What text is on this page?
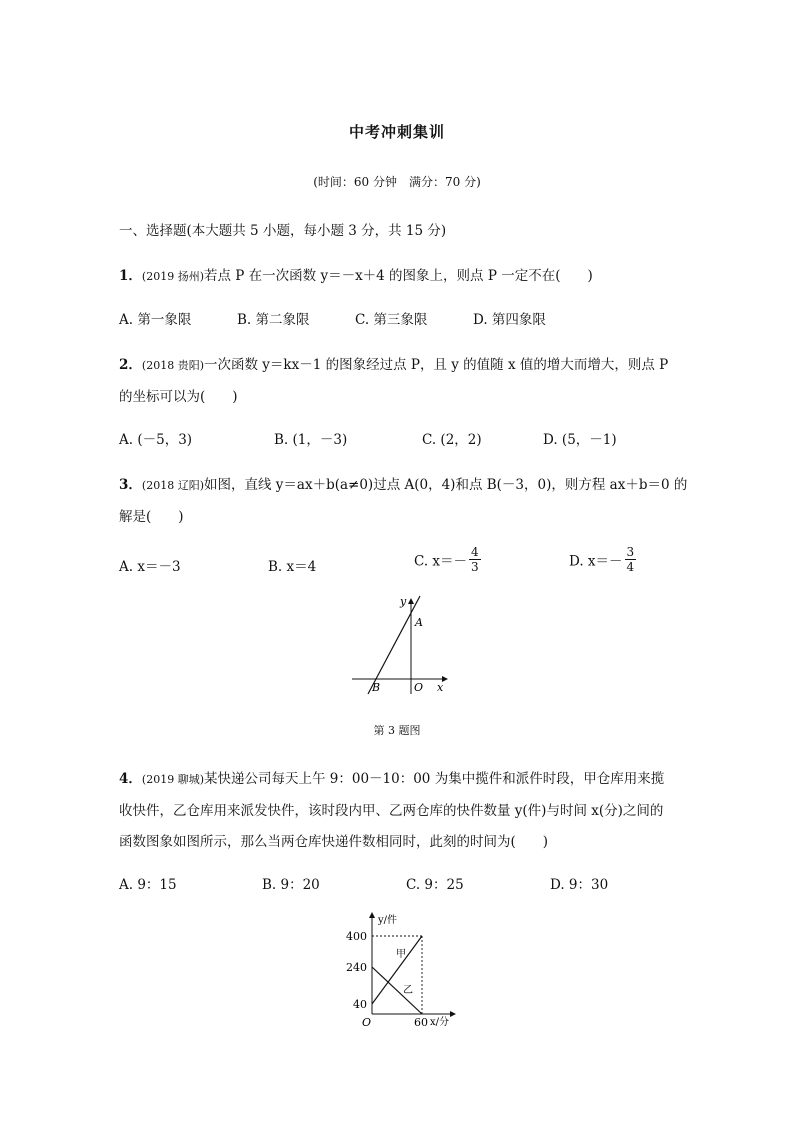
中考冲刺集训
(时间：60 分钟　满分：70 分)
一、选择题(本大题共 5 小题，每小题 3 分，共 15 分)
1．(2019 扬州)若点 P 在一次函数 y＝－x＋4 的图象上，则点 P 一定不在(　　)
A. 第一象限	B. 第二象限	C. 第三象限	D. 第四象限
2．(2018 贵阳)一次函数 y＝kx－1 的图象经过点 P，且 y 的值随 x 值的增大而增大，则点 P
的坐标可以为(　　)
A. (－5，3)	B. (1，－3)	C. (2，2)	D. (5，－1)
3．(2018 辽阳)如图，直线 y＝ax＋b(a≠0)过点 A(0，4)和点 B(－3，0)，则方程 ax＋b＝0 的
解是(　　)
A. x＝－3	B. x＝4	C. $x=- \frac{4}{3}$	D. $x=- \frac{3}{4}$
y
x
A
B	O
第 3 题图
4．(2019 聊城)某快递公司每天上午 9：00－10：00 为集中揽件和派件时段，甲仓库用来揽
收快件，乙仓库用来派发快件，该时段内甲、乙两仓库的快件数量 y(件)与时间 x(分)之间的
函数图象如图所示，那么当两仓库快递件数相同时，此刻的时间为(　　)
A. 9：15	B. 9：20	C. 9：25	D. 9：30
y/件
x/分
400
240
40
60
O
甲
乙
